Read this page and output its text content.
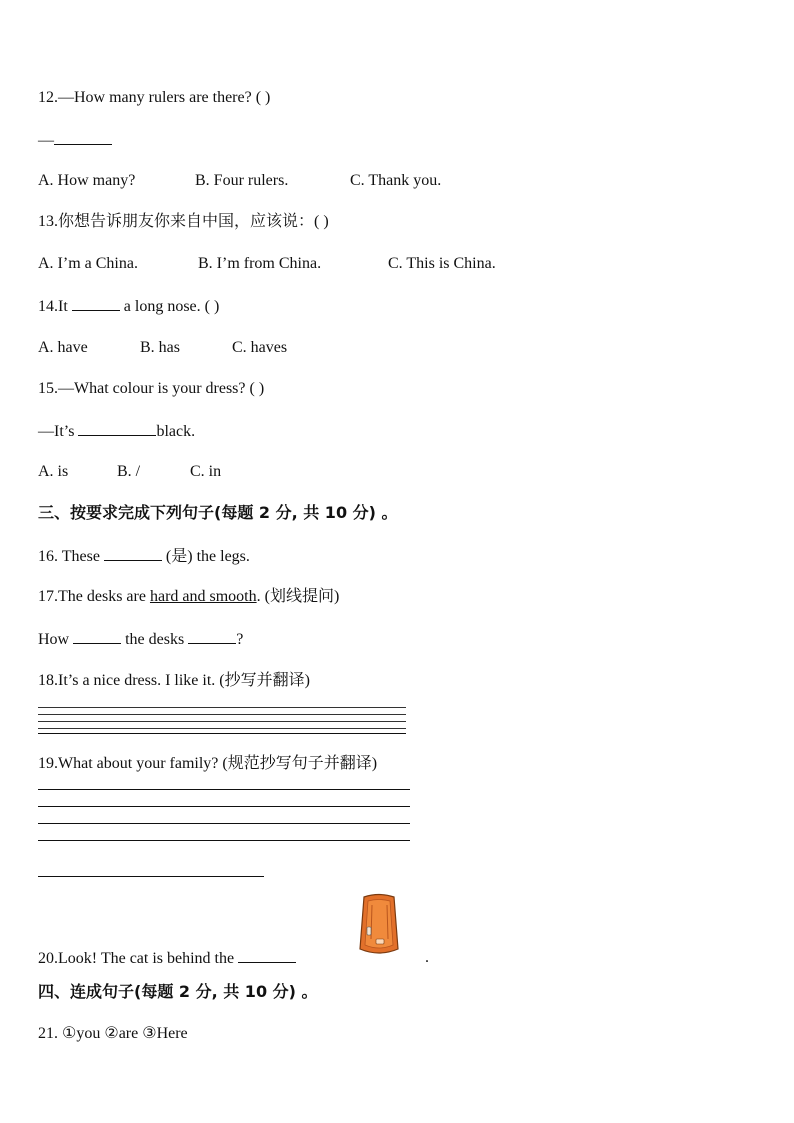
12.—How many rulers are there? ( )
—
A. How many?	B. Four rulers.	C. Thank you.
13.你想告诉朋友你来自中国，应该说：( )
A. I’m a China.	B. I’m from China.	C. This is China.
14.It	a long nose. ( )
A. have	B. has	C. haves
15.—What colour is your dress? ( )
—It’s	black.
A. is	B. /	C. in
三、按要求完成下列句子(每题 2 分, 共 10 分) 。
16. These	(是) the legs.
17.The desks are hard and smooth. (划线提问)
How	the desks	?
18.It’s a nice dress. I like it. (抄写并翻译)
19.What about your family? (规范抄写句子并翻译)
20.Look! The cat is behind the	.
四、连成句子(每题 2 分, 共 10 分) 。
21. ①you ②are ③Here
